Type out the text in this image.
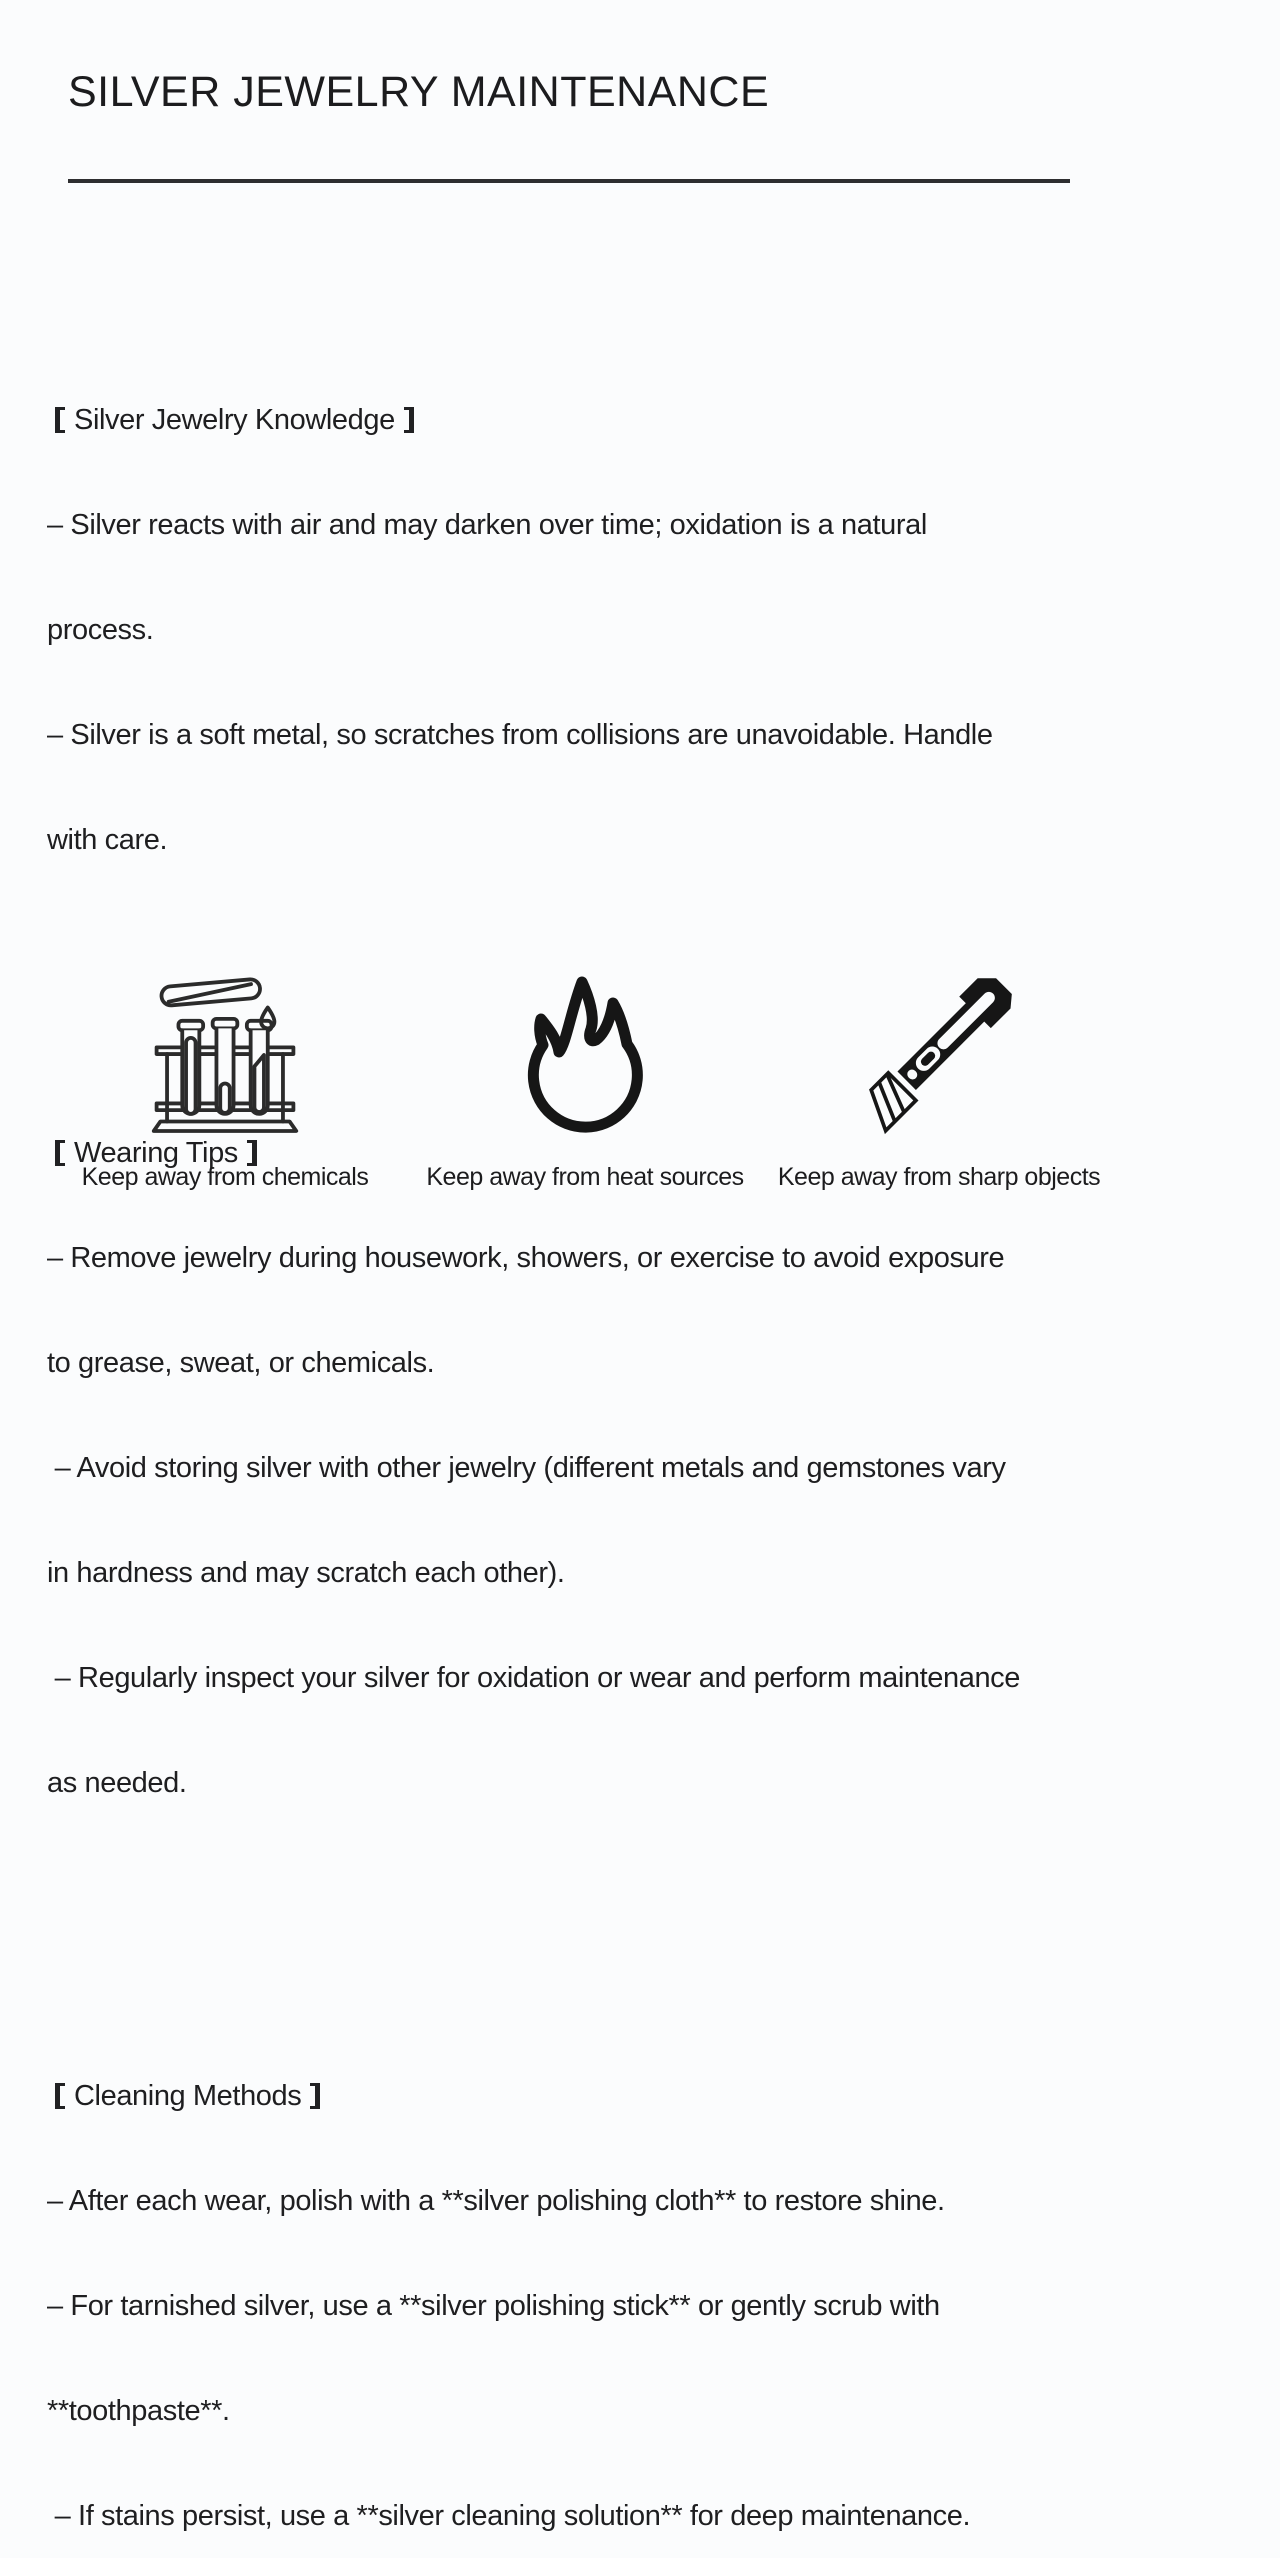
SILVER JEWELRY MAINTENANCE

Silver Jewelry Knowledge

– Silver reacts with air and may darken over time; oxidation is a natural

process.

– Silver is a soft metal, so scratches from collisions are unavoidable. Handle

with care.

Wearing Tips

– Remove jewelry during housework, showers, or exercise to avoid exposure

to grease, sweat, or chemicals.

– Avoid storing silver with other jewelry (different metals and gemstones vary

in hardness and may scratch each other).

– Regularly inspect your silver for oxidation or wear and perform maintenance

as needed.

Cleaning Methods

– After each wear, polish with a **silver polishing cloth** to restore shine.

– For tarnished silver, use a **silver polishing stick** or gently scrub with

**toothpaste**.

– If stains persist, use a **silver cleaning solution** for deep maintenance.

Keep away from chemicals	Keep away from heat sources	Keep away from sharp objects
